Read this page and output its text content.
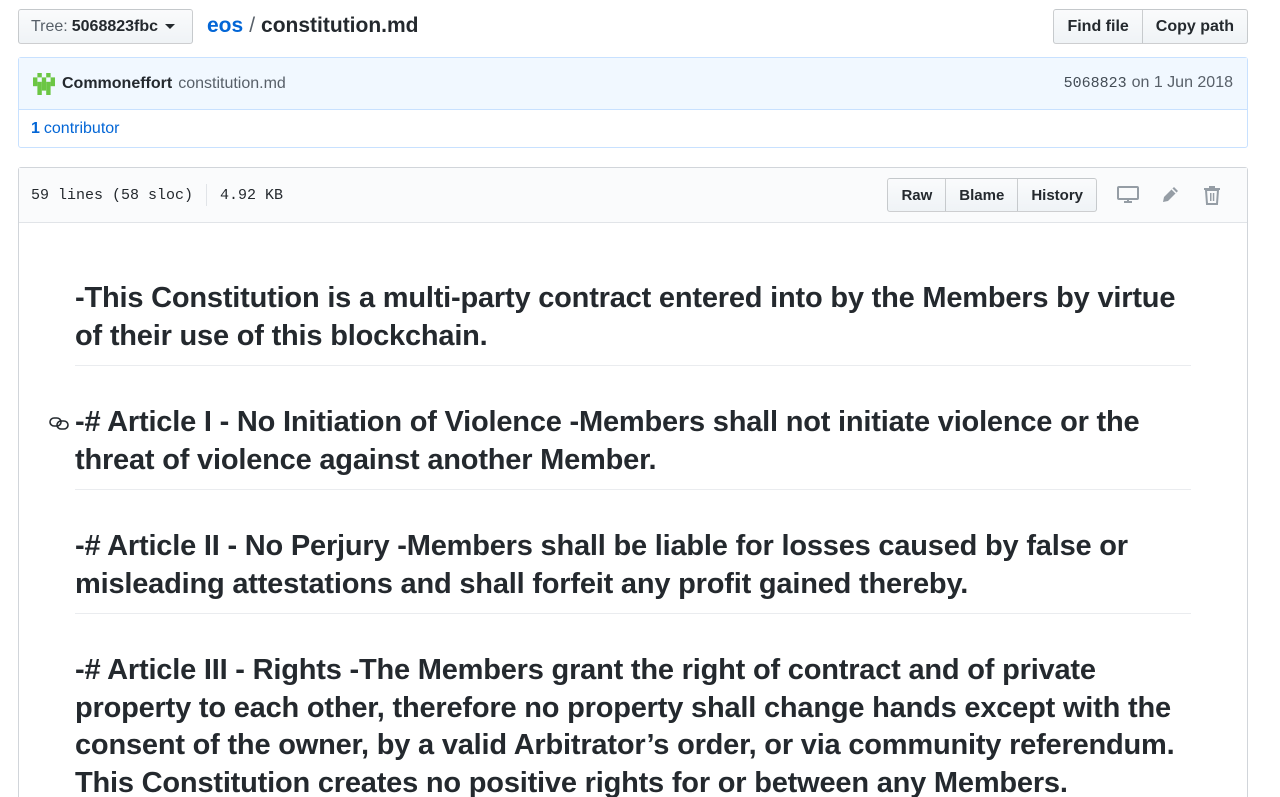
Tree: 5068823fbc eos / constitution.md	Find file	Copy path
Commoneffort constitution.md	5068823 on 1 Jun 2018
1 contributor
59 lines (58 sloc) 4.92 KB	Raw	Blame	History
-This Constitution is a multi-party contract entered into by the Members by virtue of their use of this blockchain.
-# Article I - No Initiation of Violence -Members shall not initiate violence or the threat of violence against another Member.
-# Article II - No Perjury -Members shall be liable for losses caused by false or misleading attestations and shall forfeit any profit gained thereby.
-# Article III - Rights -The Members grant the right of contract and of private property to each other, therefore no property shall change hands except with the consent of the owner, by a valid Arbitrator’s order, or via community referendum. This Constitution creates no positive rights for or between any Members.
